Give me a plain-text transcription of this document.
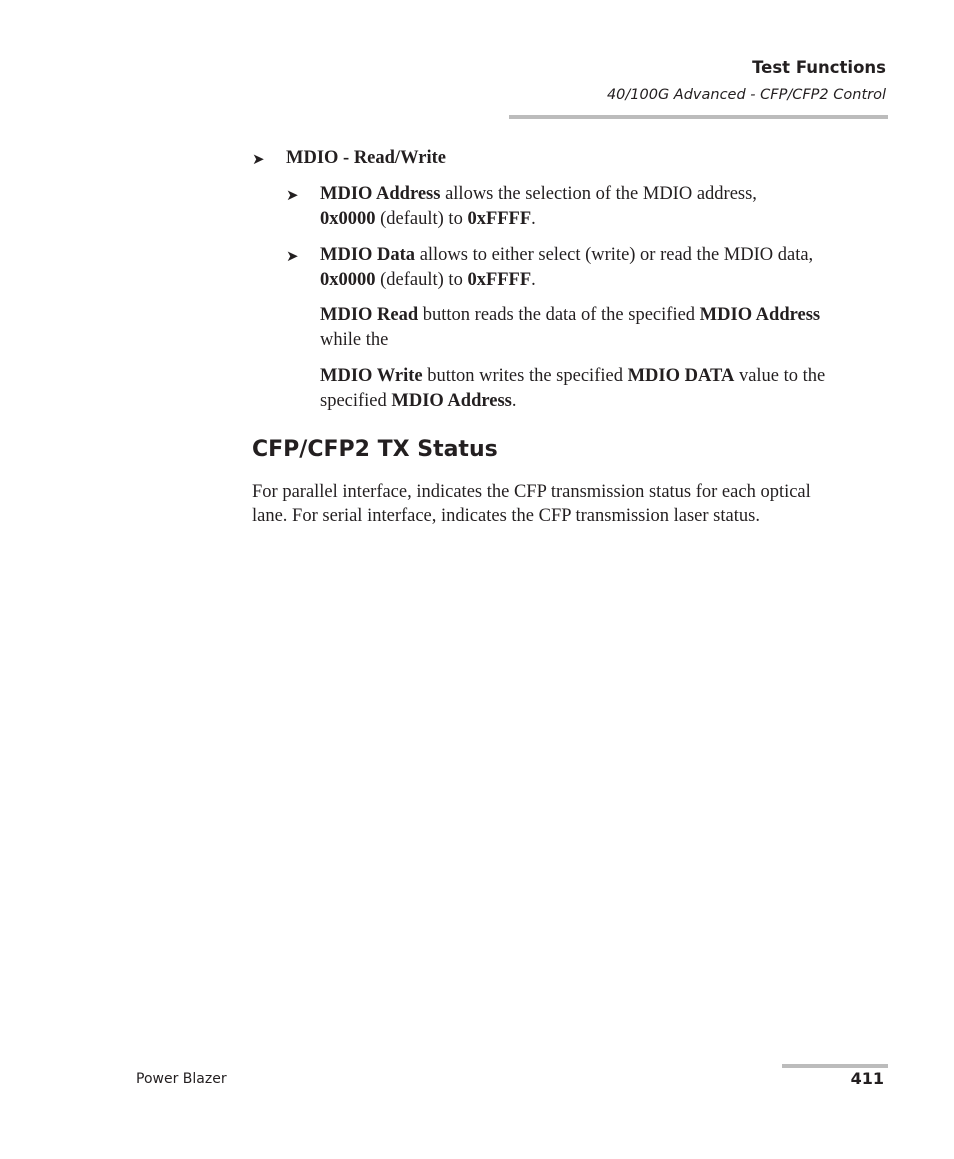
Test Functions
40/100G Advanced - CFP/CFP2 Control
➤ MDIO - Read/Write
➤ MDIO Address allows the selection of the MDIO address,
0x0000 (default) to 0xFFFF.
➤ MDIO Data allows to either select (write) or read the MDIO data,
0x0000 (default) to 0xFFFF.
MDIO Read button reads the data of the specified MDIO Address
while the
MDIO Write button writes the specified MDIO DATA value to the
specified MDIO Address.
CFP/CFP2 TX Status
For parallel interface, indicates the CFP transmission status for each optical
lane. For serial interface, indicates the CFP transmission laser status.
Power Blazer	411
